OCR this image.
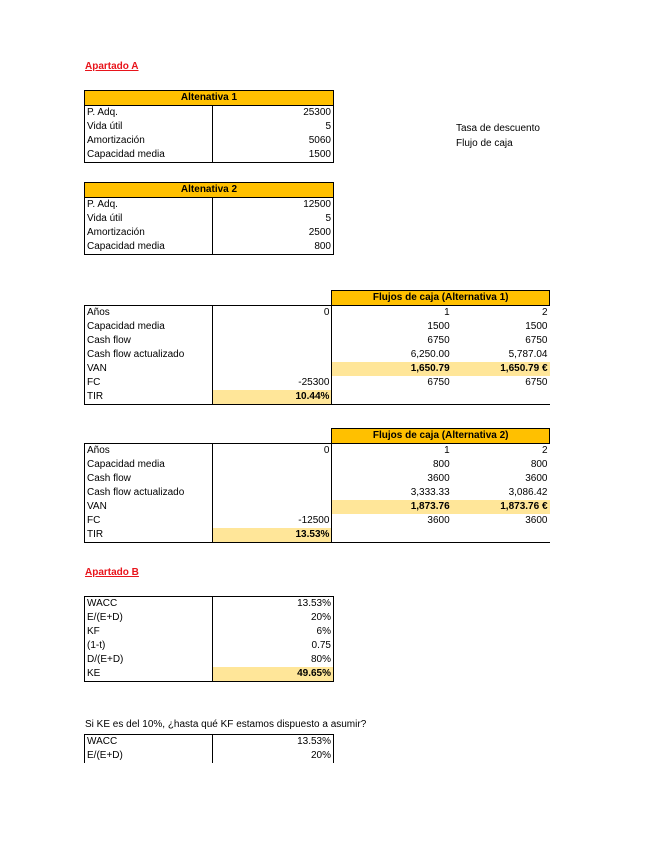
Apartado A
Altenativa 1	
P. Adq.	25300
Vida útil	5
Amortización	5060
Capacidad media	1500
Tasa de descuento
Flujo de caja
Altenativa 2	
P. Adq.	12500
Vida útil	5
Amortización	2500
Capacidad media	800
		Flujos de caja (Alternativa 1)	
Años	0	1	2
Capacidad media		1500	1500
Cash flow		6750	6750
Cash flow actualizado		6,250.00	5,787.04
VAN		1,650.79	1,650.79 €
FC	-25300	6750	6750
TIR	10.44%		
		Flujos de caja (Alternativa 2)	
Años	0	1	2
Capacidad media		800	800
Cash flow		3600	3600
Cash flow actualizado		3,333.33	3,086.42
VAN		1,873.76	1,873.76 €
FC	-12500	3600	3600
TIR	13.53%		
Apartado B
WACC	13.53%
E/(E+D)	20%
KF	6%
(1-t)	0.75
D/(E+D)	80%
KE	49.65%
Si KE es del 10%, ¿hasta qué KF estamos dispuesto a asumir?
WACC	13.53%
E/(E+D)	20%
